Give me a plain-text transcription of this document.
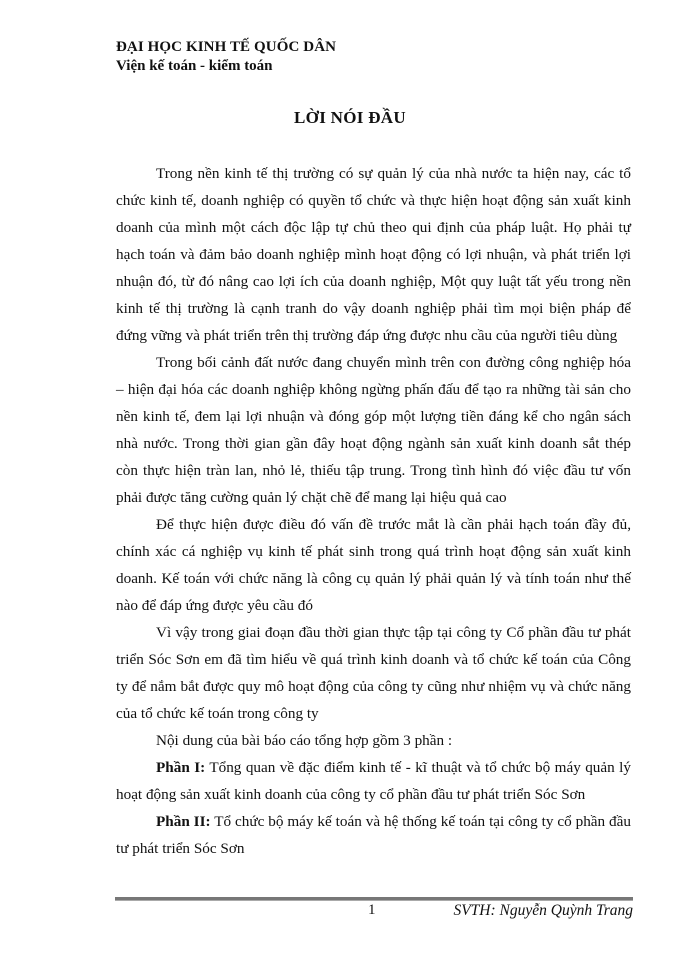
ĐẠI HỌC KINH TẾ QUỐC DÂN
Viện kế toán - kiểm toán
LỜI NÓI ĐẦU

Trong nền kinh tế thị trường có sự quản lý của nhà nước ta hiện nay, các tổ chức kinh tế, doanh nghiệp có quyền tổ chức và thực hiện hoạt động sản xuất kinh doanh của mình một cách độc lập tự chủ theo qui định của pháp luật. Họ phải tự hạch toán và đảm bảo doanh nghiệp mình hoạt động có lợi nhuận, và phát triển lợi nhuận đó, từ đó nâng cao lợi ích của doanh nghiệp, Một quy luật tất yếu trong nền kinh tế thị trường là cạnh tranh do vậy doanh nghiệp phải tìm mọi biện pháp để đứng vững và phát triển trên thị trường đáp ứng được nhu cầu của người tiêu dùng

Trong bối cảnh đất nước đang chuyển mình trên con đường công nghiệp hóa – hiện đại hóa các doanh nghiệp không ngừng phấn đấu để tạo ra những tài sản cho nền kinh tế, đem lại lợi nhuận và đóng góp một lượng tiền đáng kể cho ngân sách nhà nước. Trong thời gian gần đây hoạt động ngành sản xuất kinh doanh sắt thép còn thực hiện tràn lan, nhỏ lẻ, thiếu tập trung. Trong tình hình đó việc đầu tư vốn phải được tăng cường quản lý chặt chẽ để mang lại hiệu quả cao

Để thực hiện được điều đó vấn đề trước mắt là cần phải hạch toán đầy đủ, chính xác cá nghiệp vụ kinh tế phát sinh trong quá trình hoạt động sản xuất kinh doanh. Kế toán với chức năng là công cụ quản lý phải quản lý và tính toán như thế nào để đáp ứng được yêu cầu đó

Vì vậy trong giai đoạn đầu thời gian thực tập tại công ty Cổ phần đầu tư phát triển Sóc Sơn em đã tìm hiểu về quá trình kinh doanh và tổ chức kế toán của Công ty để nắm bắt được quy mô hoạt động của công ty cũng như nhiệm vụ và chức năng của tổ chức kế toán trong công ty

Nội dung của bài báo cáo tổng hợp gồm 3 phần :

Phần I: Tổng quan về đặc điểm kinh tế - kĩ thuật và tổ chức bộ máy quản lý hoạt động sản xuất kinh doanh của công ty cổ phần đầu tư phát triển Sóc Sơn

Phần II: Tổ chức bộ máy kế toán và hệ thống kế toán tại công ty cổ phần đầu tư phát triển Sóc Sơn

1	SVTH: Nguyễn Quỳnh Trang
